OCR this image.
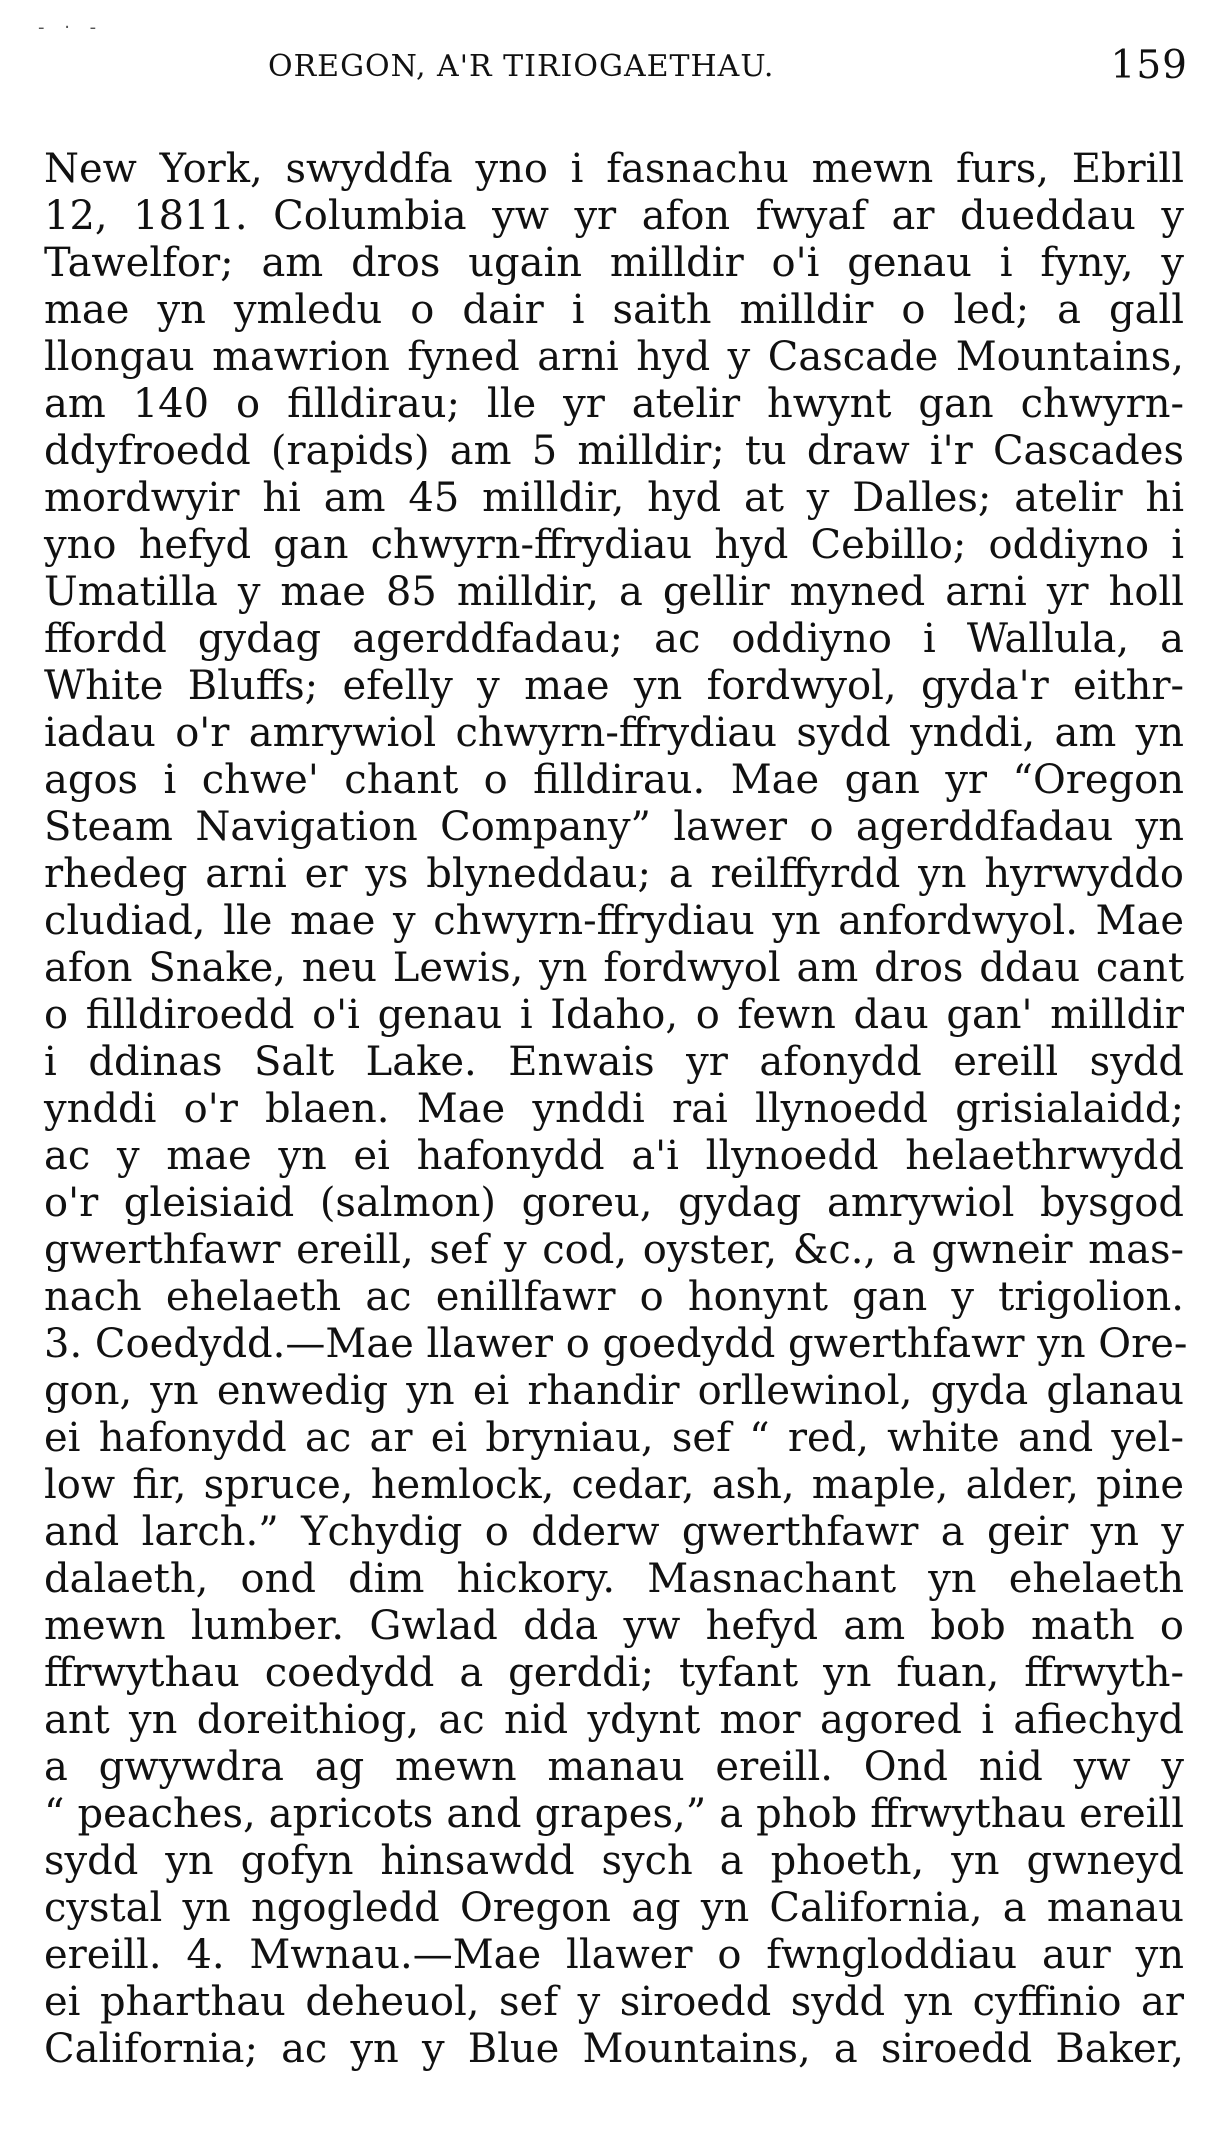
- · -
OREGON, A'R TIRIOGAETHAU.	159
New York, swyddfa yno i fasnachu mewn furs, Ebrill
12, 1811. Columbia yw yr afon fwyaf ar dueddau y
Tawelfor; am dros ugain milldir o'i genau i fyny, y
mae yn ymledu o dair i saith milldir o led; a gall
llongau mawrion fyned arni hyd y Cascade Mountains,
am 140 o filldirau; lle yr atelir hwynt gan chwyrn-
ddyfroedd (rapids) am 5 milldir; tu draw i'r Cascades
mordwyir hi am 45 milldir, hyd at y Dalles; atelir hi
yno hefyd gan chwyrn-ffrydiau hyd Cebillo; oddiyno i
Umatilla y mae 85 milldir, a gellir myned arni yr holl
ffordd gydag agerddfadau; ac oddiyno i Wallula, a
White Bluffs; efelly y mae yn fordwyol, gyda'r eithr-
iadau o'r amrywiol chwyrn-ffrydiau sydd ynddi, am yn
agos i chwe' chant o filldirau. Mae gan yr “Oregon
Steam Navigation Company” lawer o agerddfadau yn
rhedeg arni er ys blyneddau; a reilffyrdd yn hyrwyddo
cludiad, lle mae y chwyrn-ffrydiau yn anfordwyol. Mae
afon Snake, neu Lewis, yn fordwyol am dros ddau cant
o filldiroedd o'i genau i Idaho, o fewn dau gan' milldir
i ddinas Salt Lake. Enwais yr afonydd ereill sydd
ynddi o'r blaen. Mae ynddi rai llynoedd grisialaidd;
ac y mae yn ei hafonydd a'i llynoedd helaethrwydd
o'r gleisiaid (salmon) goreu, gydag amrywiol bysgod
gwerthfawr ereill, sef y cod, oyster, &c., a gwneir mas-
nach ehelaeth ac enillfawr o honynt gan y trigolion.
3. Coedydd.—Mae llawer o goedydd gwerthfawr yn Ore-
gon, yn enwedig yn ei rhandir orllewinol, gyda glanau
ei hafonydd ac ar ei bryniau, sef “ red, white and yel-
low fir, spruce, hemlock, cedar, ash, maple, alder, pine
and larch.” Ychydig o dderw gwerthfawr a geir yn y
dalaeth, ond dim hickory. Masnachant yn ehelaeth
mewn lumber. Gwlad dda yw hefyd am bob math o
ffrwythau coedydd a gerddi; tyfant yn fuan, ffrwyth-
ant yn doreithiog, ac nid ydynt mor agored i afiechyd
a gwywdra ag mewn manau ereill. Ond nid yw y
“ peaches, apricots and grapes,” a phob ffrwythau ereill
sydd yn gofyn hinsawdd sych a phoeth, yn gwneyd
cystal yn ngogledd Oregon ag yn California, a manau
ereill. 4. Mwnau.—Mae llawer o fwngloddiau aur yn
ei pharthau deheuol, sef y siroedd sydd yn cyffinio ar
California; ac yn y Blue Mountains, a siroedd Baker,
